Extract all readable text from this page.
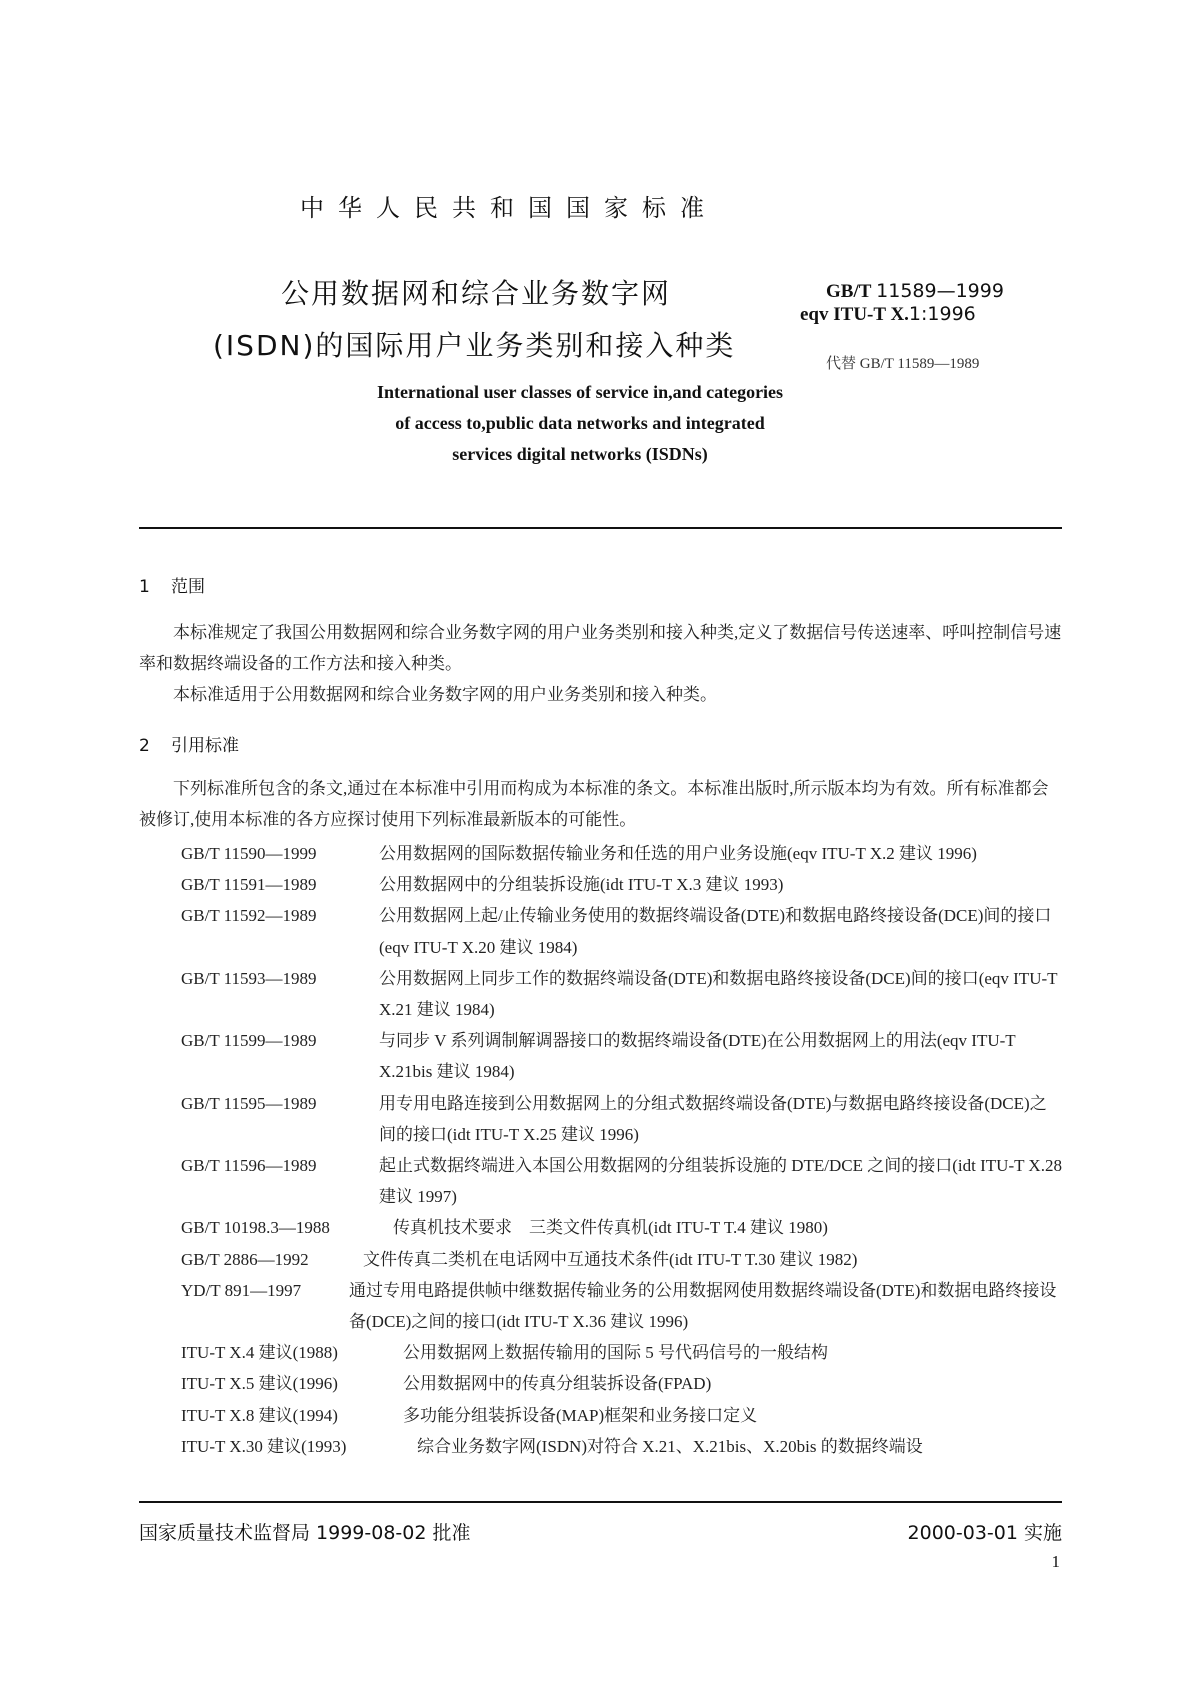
中华人民共和国国家标准
公用数据网和综合业务数字网
(ISDN)的国际用户业务类别和接入种类
GB/T 11589—1999
eqv ITU-T X.1:1996
代替 GB/T 11589—1989
International user classes of service in,and categories
of access to,public data networks and integrated
services digital networks (ISDNs)
1 范围

本标准规定了我国公用数据网和综合业务数字网的用户业务类别和接入种类,定义了数据信号传送速率、呼叫控制信号速率和数据终端设备的工作方法和接入种类。

本标准适用于公用数据网和综合业务数字网的用户业务类别和接入种类。

2 引用标准

下列标准所包含的条文,通过在本标准中引用而构成为本标准的条文。本标准出版时,所示版本均为有效。所有标准都会被修订,使用本标准的各方应探讨使用下列标准最新版本的可能性。

GB/T 11590—1999	公用数据网的国际数据传输业务和任选的用户业务设施(eqv ITU-T X.2 建议 1996)
GB/T 11591—1989	公用数据网中的分组装拆设施(idt ITU-T X.3 建议 1993)
GB/T 11592—1989	公用数据网上起/止传输业务使用的数据终端设备(DTE)和数据电路终接设备(DCE)间的接口(eqv ITU-T X.20 建议 1984)
GB/T 11593—1989	公用数据网上同步工作的数据终端设备(DTE)和数据电路终接设备(DCE)间的接口(eqv ITU-T X.21 建议 1984)
GB/T 11599—1989	与同步 V 系列调制解调器接口的数据终端设备(DTE)在公用数据网上的用法(eqv ITU-T X.21bis 建议 1984)
GB/T 11595—1989	用专用电路连接到公用数据网上的分组式数据终端设备(DTE)与数据电路终接设备(DCE)之间的接口(idt ITU-T X.25 建议 1996)
GB/T 11596—1989	起止式数据终端进入本国公用数据网的分组装拆设施的 DTE/DCE 之间的接口(idt ITU-T X.28 建议 1997)
GB/T 10198.3—1988	传真机技术要求　三类文件传真机(idt ITU-T T.4 建议 1980)
GB/T 2886—1992	文件传真二类机在电话网中互通技术条件(idt ITU-T T.30 建议 1982)
YD/T 891—1997	通过专用电路提供帧中继数据传输业务的公用数据网使用数据终端设备(DTE)和数据电路终接设备(DCE)之间的接口(idt ITU-T X.36 建议 1996)
ITU-T X.4 建议(1988)	公用数据网上数据传输用的国际 5 号代码信号的一般结构
ITU-T X.5 建议(1996)	公用数据网中的传真分组装拆设备(FPAD)
ITU-T X.8 建议(1994)	多功能分组装拆设备(MAP)框架和业务接口定义
ITU-T X.30 建议(1993)	综合业务数字网(ISDN)对符合 X.21、X.21bis、X.20bis 的数据终端设
国家质量技术监督局 1999-08-02 批准	2000-03-01 实施
1
